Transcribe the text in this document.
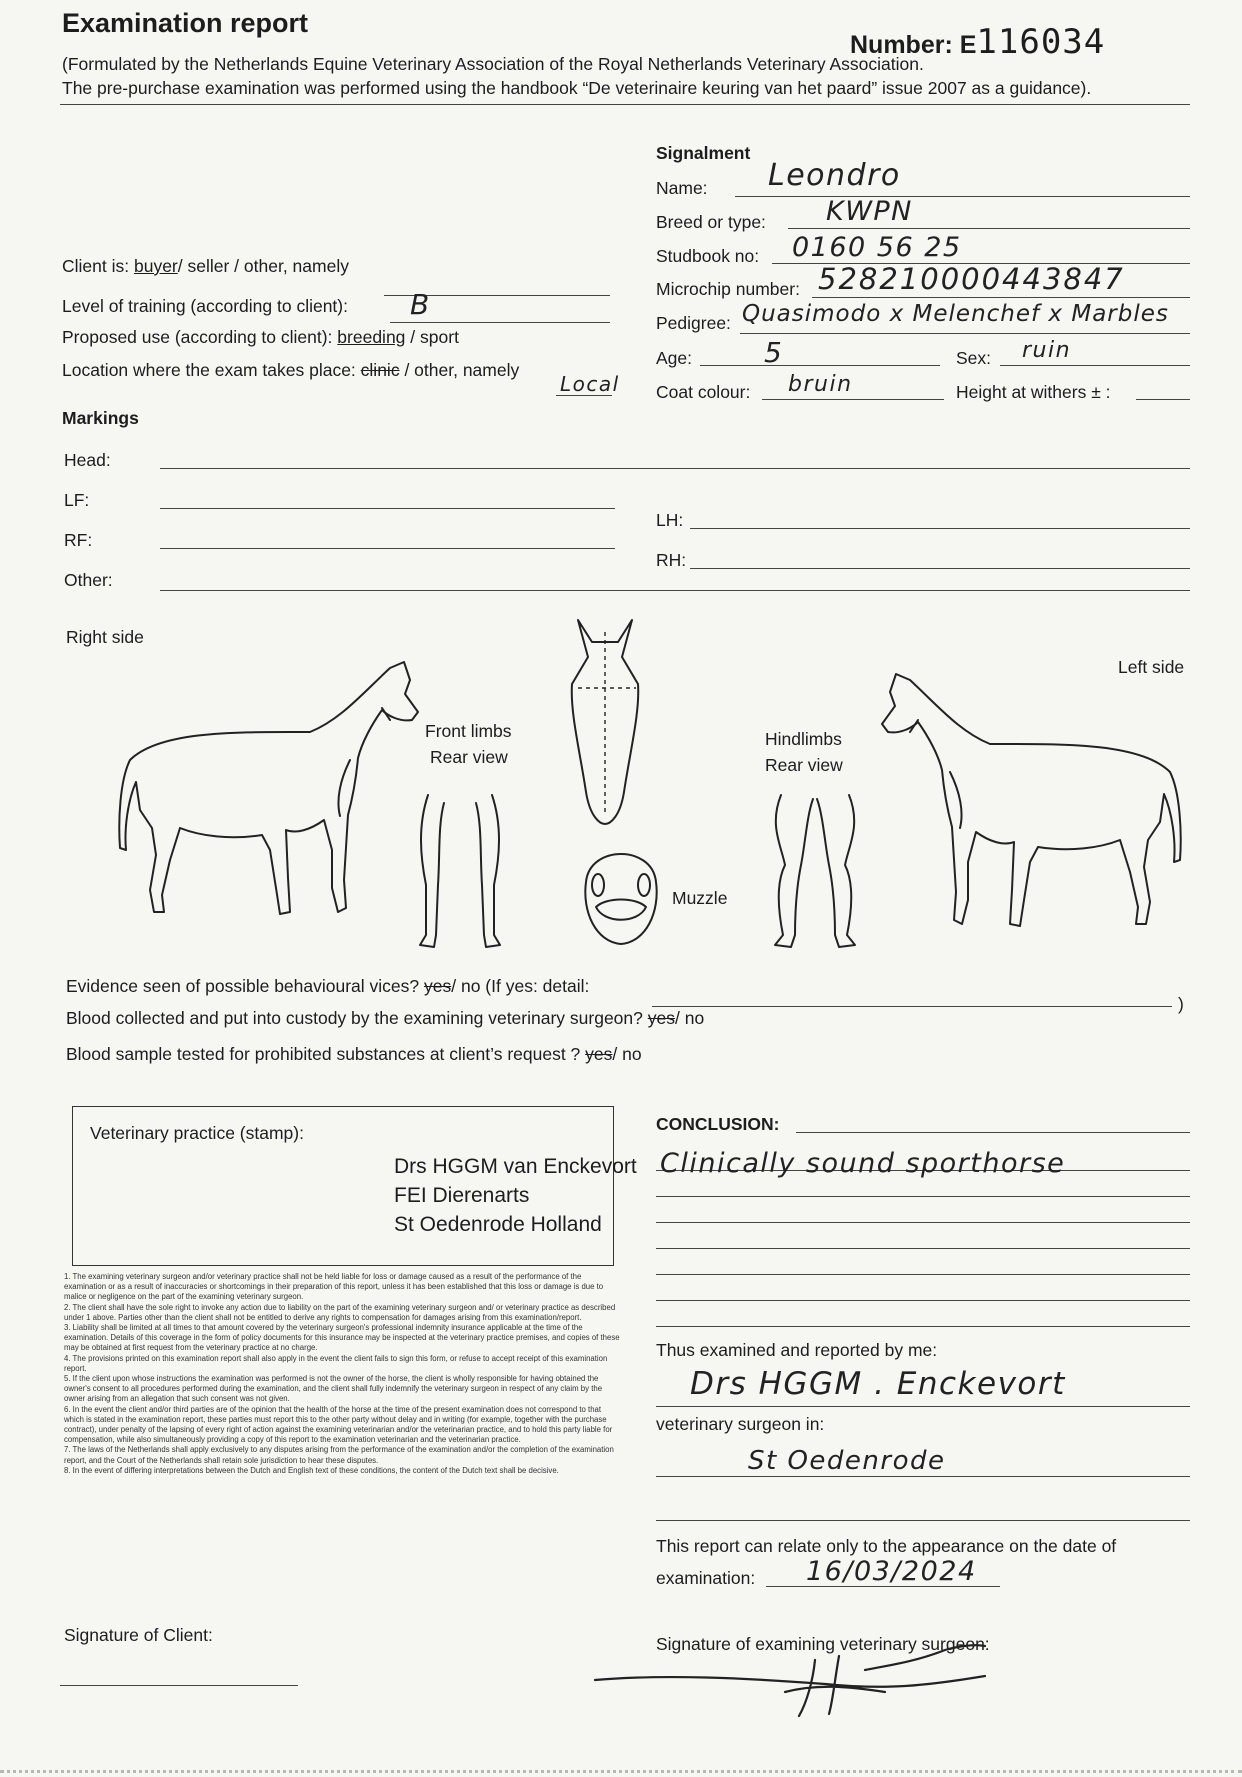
Examination report
Number: E116034
(Formulated by the Netherlands Equine Veterinary Association of the Royal Netherlands Veterinary Association.
The pre-purchase examination was performed using the handbook “De veterinaire keuring van het paard” issue 2007 as a guidance).
Signalment
Name: Leondro
Breed or type: KWPN
Studbook no: 0160 56 25
Microchip number: 528210000443847
Pedigree: Quasimodo x Melenchef x Marbles
Age:	5	Sex: ruin
Coat colour: bruin	Height at withers ± :
Client is: buyer/ seller / other, namely
Level of training (according to client): B
Proposed use (according to client): breeding / sport
Location where the exam takes place: clinic / other, namely
Local
Markings
Head:
LF:
RF:
Other:
LH:
RH:
Right side
Left side
Front limbs
Rear view
Hindlimbs
Rear view
Muzzle
Evidence seen of possible behavioural vices? yes/ no (If yes: detail:
)
Blood collected and put into custody by the examining veterinary surgeon? yes/ no
Blood sample tested for prohibited substances at client’s request ? yes/ no
Veterinary practice (stamp):
Drs HGGM van Enckevort
FEI Dierenarts
St Oedenrode Holland

1. The examining veterinary surgeon and/or veterinary practice shall not be held liable for loss or damage caused as a result of the performance of the examination or as a result of inaccuracies or shortcomings in their preparation of this report, unless it has been established that this loss or damage is due to malice or negligence on the part of the examining veterinary surgeon.

2. The client shall have the sole right to invoke any action due to liability on the part of the examining veterinary surgeon and/ or veterinary practice as described under 1 above. Parties other than the client shall not be entitled to derive any rights to compensation for damages arising from this examination/report.

3. Liability shall be limited at all times to that amount covered by the veterinary surgeon's professional indemnity insurance applicable at the time of the examination. Details of this coverage in the form of policy documents for this insurance may be inspected at the veterinary practice premises, and copies of these may be obtained at first request from the veterinary practice at no charge.

4. The provisions printed on this examination report shall also apply in the event the client fails to sign this form, or refuse to accept receipt of this examination report.

5. If the client upon whose instructions the examination was performed is not the owner of the horse, the client is wholly responsible for having obtained the owner's consent to all procedures performed during the examination, and the client shall fully indemnify the veterinary surgeon in respect of any claim by the owner arising from an allegation that such consent was not given.

6. In the event the client and/or third parties are of the opinion that the health of the horse at the time of the present examination does not correspond to that which is stated in the examination report, these parties must report this to the other party without delay and in writing (for example, together with the purchase contract), under penalty of the lapsing of every right of action against the examining veterinarian and/or the veterinarian practice, and to hold this party liable for compensation, while also simultaneously providing a copy of this report to the examination veterinarian and the veterinarian practice.

7. The laws of the Netherlands shall apply exclusively to any disputes arising from the performance of the examination and/or the completion of the examination report, and the Court of the Netherlands shall retain sole jurisdiction to hear these disputes.

8. In the event of differing interpretations between the Dutch and English text of these conditions, the content of the Dutch text shall be decisive.

CONCLUSION:
Clinically sound sporthorse
Thus examined and reported by me:
Drs HGGM . Enckevort
veterinary surgeon in:
St Oedenrode
This report can relate only to the appearance on the date of
examination: 16/03/2024
Signature of Client:	Signature of examining veterinary surgeon:
